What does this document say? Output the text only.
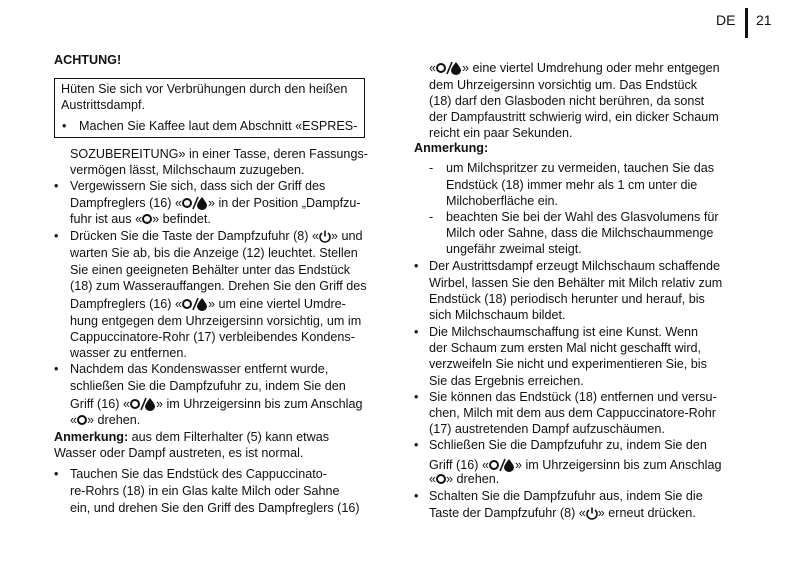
DE 21
ACHTUNG!
Hüten Sie sich vor Verbrühungen durch den heißen
Austrittsdampf.
• Machen Sie Kaffee laut dem Abschnitt «ESPRES-
SOZUBEREITUNG» in einer Tasse, deren Fassungs-
vermögen lässt, Milchschaum zuzugeben.
• Vergewissern Sie sich, dass sich der Griff des
Dampfreglers (16) « » in der Position „Dampfzu-
fuhr ist aus « » befindet.
• Drücken Sie die Taste der Dampfzufuhr (8) « » und
warten Sie ab, bis die Anzeige (12) leuchtet. Stellen
Sie einen geeigneten Behälter unter das Endstück
(18) zum Wasserauffangen. Drehen Sie den Griff des
Dampfreglers (16) « » um eine viertel Umdre-
hung entgegen dem Uhrzeigersinn vorsichtig, um im
Cappuccinatore-Rohr (17) verbleibendes Kondens-
wasser zu entfernen.
• Nachdem das Kondenswasser entfernt wurde,
schließen Sie die Dampfzufuhr zu, indem Sie den
Griff (16) « » im Uhrzeigersinn bis zum Anschlag
« » drehen.
Anmerkung: aus dem Filterhalter (5) kann etwas
Wasser oder Dampf austreten, es ist normal.
• Tauchen Sie das Endstück des Cappuccinato-
re-Rohrs (18) in ein Glas kalte Milch oder Sahne
ein, und drehen Sie den Griff des Dampfreglers (16)
« » eine viertel Umdrehung oder mehr entgegen
dem Uhrzeigersinn vorsichtig um. Das Endstück
(18) darf den Glasboden nicht berühren, da sonst
der Dampfaustritt schwierig wird, ein dicker Schaum
reicht ein paar Sekunden.
Anmerkung:
- um Milchspritzer zu vermeiden, tauchen Sie das
Endstück (18) immer mehr als 1 cm unter die
Milchoberfläche ein.
- beachten Sie bei der Wahl des Glasvolumens für
Milch oder Sahne, dass die Milchschaummenge
ungefähr zweimal steigt.
• Der Austrittsdampf erzeugt Milchschaum schaffende
Wirbel, lassen Sie den Behälter mit Milch relativ zum
Endstück (18) periodisch herunter und herauf, bis
sich Milchschaum bildet.
• Die Milchschaumschaffung ist eine Kunst. Wenn
der Schaum zum ersten Mal nicht geschafft wird,
verzweifeln Sie nicht und experimentieren Sie, bis
Sie das Ergebnis erreichen.
• Sie können das Endstück (18) entfernen und versu-
chen, Milch mit dem aus dem Cappuccinatore-Rohr
(17) austretenden Dampf aufzuschäumen.
• Schließen Sie die Dampfzufuhr zu, indem Sie den
Griff (16) « » im Uhrzeigersinn bis zum Anschlag
« » drehen.
• Schalten Sie die Dampfzufuhr aus, indem Sie die
Taste der Dampfzufuhr (8) « » erneut drücken.
